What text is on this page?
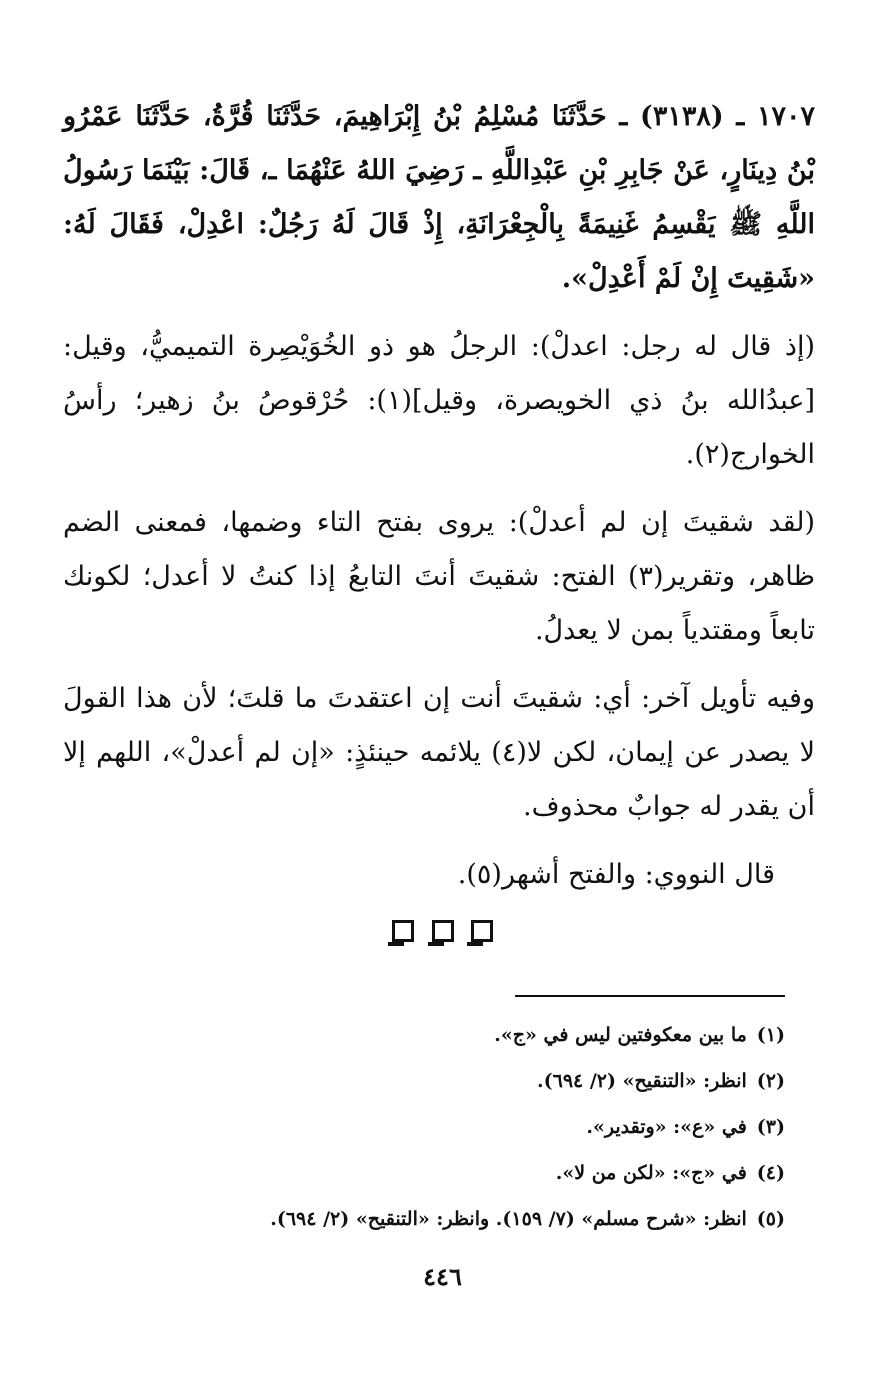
١٧٠٧ ـ (٣١٣٨) ـ حَدَّثَنَا مُسْلِمُ بْنُ إِبْرَاهِيمَ، حَدَّثَنَا قُرَّةُ، حَدَّثَنَا عَمْرُو بْنُ دِينَارٍ، عَنْ جَابِرِ بْنِ عَبْدِاللَّهِ ـ رَضِيَ اللهُ عَنْهُمَا ـ، قَالَ: بَيْنَمَا رَسُولُ اللَّهِ ﷺ يَقْسِمُ غَنِيمَةً بِالْجِعْرَانَةِ، إِذْ قَالَ لَهُ رَجُلٌ: اعْدِلْ، فَقَالَ لَهُ: «شَقِيتَ إِنْ لَمْ أَعْدِلْ».

(إذ قال له رجل: اعدلْ): الرجلُ هو ذو الخُوَيْصِرة التميميُّ، وقيل: [عبدُالله بنُ ذي الخويصرة، وقيل](١): حُرْقوصُ بنُ زهير؛ رأسُ الخوارج(٢).

(لقد شقيتَ إن لم أعدلْ): يروى بفتح التاء وضمها، فمعنى الضم ظاهر، وتقرير(٣) الفتح: شقيتَ أنتَ التابعُ إذا كنتُ لا أعدل؛ لكونك تابعاً ومقتدياً بمن لا يعدلُ.

وفيه تأويل آخر: أي: شقيتَ أنت إن اعتقدتَ ما قلتَ؛ لأن هذا القولَ لا يصدر عن إيمان، لكن لا(٤) يلائمه حينئذٍ: «إن لم أعدلْ»، اللهم إلا أن يقدر له جوابٌ محذوف.

قال النووي: والفتح أشهر(٥).

(١)ما بين معكوفتين ليس في «ج».
(٢)انظر: «التنقيح» (٢/ ٦٩٤).
(٣)في «ع»: «وتقدير».
(٤)في «ج»: «لكن من لا».
(٥)انظر: «شرح مسلم» (٧/ ١٥٩). وانظر: «التنقيح» (٢/ ٦٩٤).
٤٤٦
